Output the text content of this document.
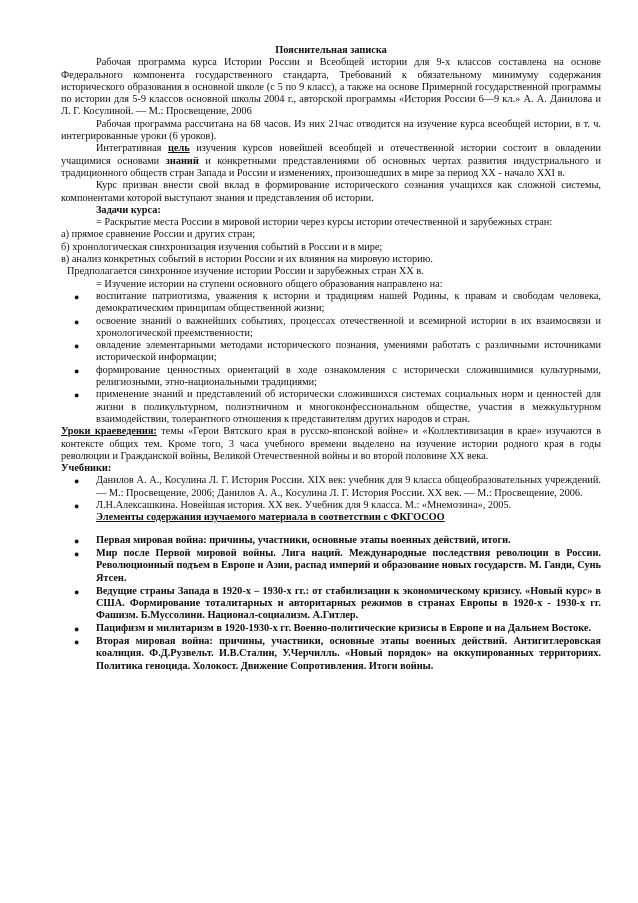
Пояснительная записка

Рабочая программа курса Истории России и Всеобщей истории для 9-х классов составлена на основе Федерального компонента государственного стандарта, Требований к обязательному минимуму содержания исторического образования в основной школе (с 5 по 9 класс), а также на основе Примерной государственной программы по истории для 5-9 классов основной школы 2004 г., авторской программы «История России 6—9 кл.» А. А. Данилова и Л. Г. Косулиной. — М.: Просвещение, 2006

Рабочая программа рассчитана на 68 часов. Из них 21час отводится на изучение курса всеобщей истории, в т. ч. интегрированные уроки (6 уроков).

Интегративная цель изучения курсов новейшей всеобщей и отечественной истории состоит в овладении учащимися основами знаний и конкретными представлениями об основных чертах развития индустриального и традиционного обществ стран Запада и России и изменениях, произошедших в мире за период XX - начало XXI в.

Курс призван внести свой вклад в формирование исторического сознания учащихся как сложной системы, компонентами которой выступают знания и представления об истории.

Задачи курса:

= Раскрытие места России в мировой истории через курсы истории отечественной и зарубежных стран:

а) прямое сравнение России и других стран;

б) хронологическая синхронизация изучения событий в России и в мире;

в) анализ конкретных событий в истории России и их влияния на мировую историю.

Предполагается синхронное изучение истории России и зарубежных стран XX в.

= Изучение истории на ступени основного общего образования направлено на:

● воспитание патриотизма, уважения к истории и традициям нашей Родины, к правам и свободам человека, демократическим принципам общественной жизни;
● освоение знаний о важнейших событиях, процессах отечественной и всемирной истории в их взаимосвязи и хронологической преемственности;
● овладение элементарными методами исторического познания, умениями работать с различными источниками исторической информации;
● формирование ценностных ориентаций в ходе ознакомления с исторически сложившимися культурными, религиозными, этно-национальными традициями;
● применение знаний и представлений об исторически сложившихся системах социальных норм и ценностей для жизни в поликультурном, полиэтничном и многоконфессиональном обществе, участия в межкультурном взаимодействии, толерантного отношения к представителям других народов и стран.

Уроки краеведения: темы «Герои Вятского края в русско-японской войне» и «Коллективизация в крае» изучаются в контексте общих тем. Кроме того, 3 часа учебного времени выделено на изучение истории родного края в годы революции и Гражданской войны, Великой Отечественной войны и во второй половине XX века.

Учебники:

● Данилов А. А., Косулина Л. Г. История России. XIX век: учебник для 9 класса общеобразовательных учреждений. — М.: Просвещение, 2006; Данилов А. А., Косулина Л. Г. История России. XX век. — М.: Просвещение, 2006.
● Л.Н.Алексашкина. Новейшая история. XX век. Учебник для 9 класса. М.: «Мнемозина», 2005.

Элементы содержания изучаемого материала в соответствии с ФКГОСОО

● Первая мировая война: причины, участники, основные этапы военных действий, итоги.
● Мир после Первой мировой войны. Лига наций. Международные последствия революции в России. Революционный подъем в Европе и Азии, распад империй и образование новых государств. М. Ганди, Сунь Ятсен.
● Ведущие страны Запада в 1920-х – 1930-х гг.: от стабилизации к экономическому кризису. «Новый курс» в США. Формирование тоталитарных и авторитарных режимов в странах Европы в 1920-х - 1930-х гг. Фашизм. Б.Муссолини. Национал-социализм. А.Гитлер.
● Пацифизм и милитаризм в 1920-1930-х гг. Военно-политические кризисы в Европе и на Дальнем Востоке.
● Вторая мировая война: причины, участники, основные этапы военных действий. Антигитлеровская коалиция. Ф.Д.Рузвельт. И.В.Сталин, У.Черчилль. «Новый порядок» на оккупированных территориях. Политика геноцида. Холокост. Движение Сопротивления. Итоги войны.
